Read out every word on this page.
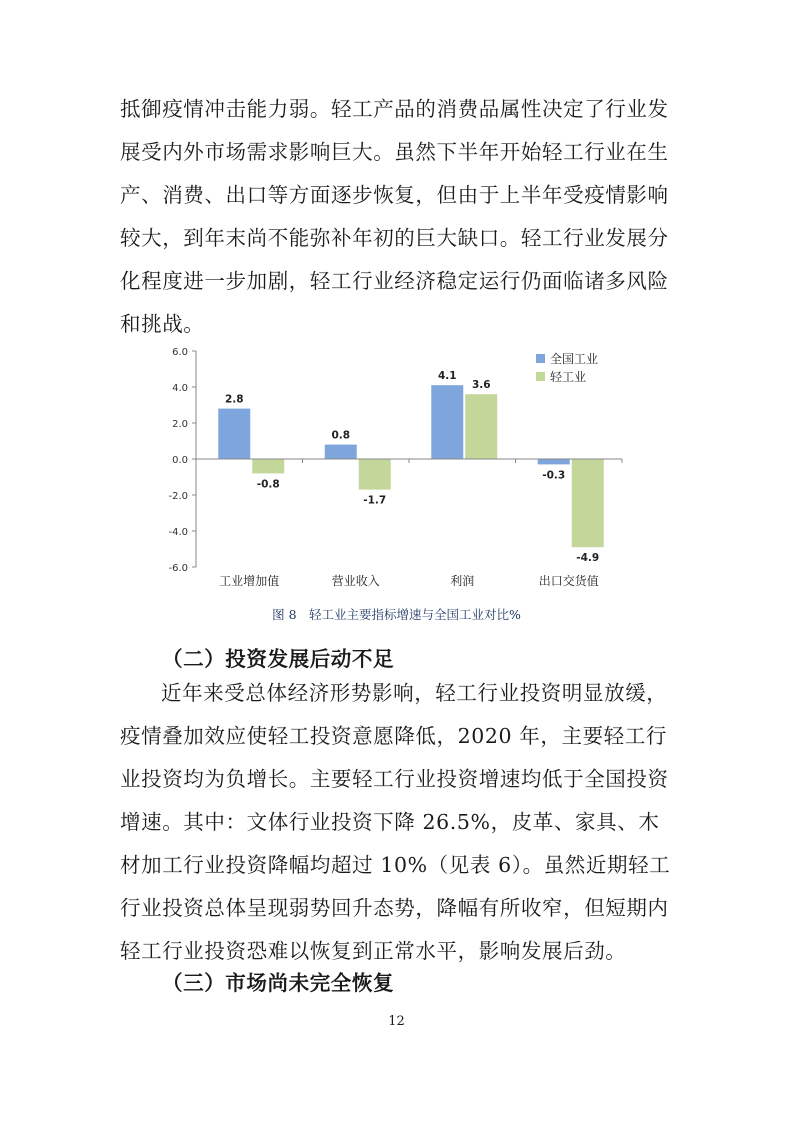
抵御疫情冲击能力弱。轻工产品的消费品属性决定了行业发展受内外市场需求影响巨大。虽然下半年开始轻工行业在生产、消费、出口等方面逐步恢复，但由于上半年受疫情影响较大，到年末尚不能弥补年初的巨大缺口。轻工行业发展分化程度进一步加剧，轻工行业经济稳定运行仍面临诸多风险和挑战。

6.0
4.0
2.0
0.0
-2.0
-4.0
-6.0
2.8
0.8
4.1
-0.3
-0.8
-1.7
3.6
-4.9
工业增加值	营业收入	利润	出口交货值
全国工业
轻工业
图 8　轻工业主要指标增速与全国工业对比%
（二）投资发展后动不足

近年来受总体经济形势影响，轻工行业投资明显放缓，疫情叠加效应使轻工投资意愿降低，2020 年，主要轻工行业投资均为负增长。主要轻工行业投资增速均低于全国投资增速。其中：文体行业投资下降 26.5%，皮革、家具、木材加工行业投资降幅均超过 10%（见表 6）。虽然近期轻工行业投资总体呈现弱势回升态势，降幅有所收窄，但短期内轻工行业投资恐难以恢复到正常水平，影响发展后劲。

（三）市场尚未完全恢复
12
